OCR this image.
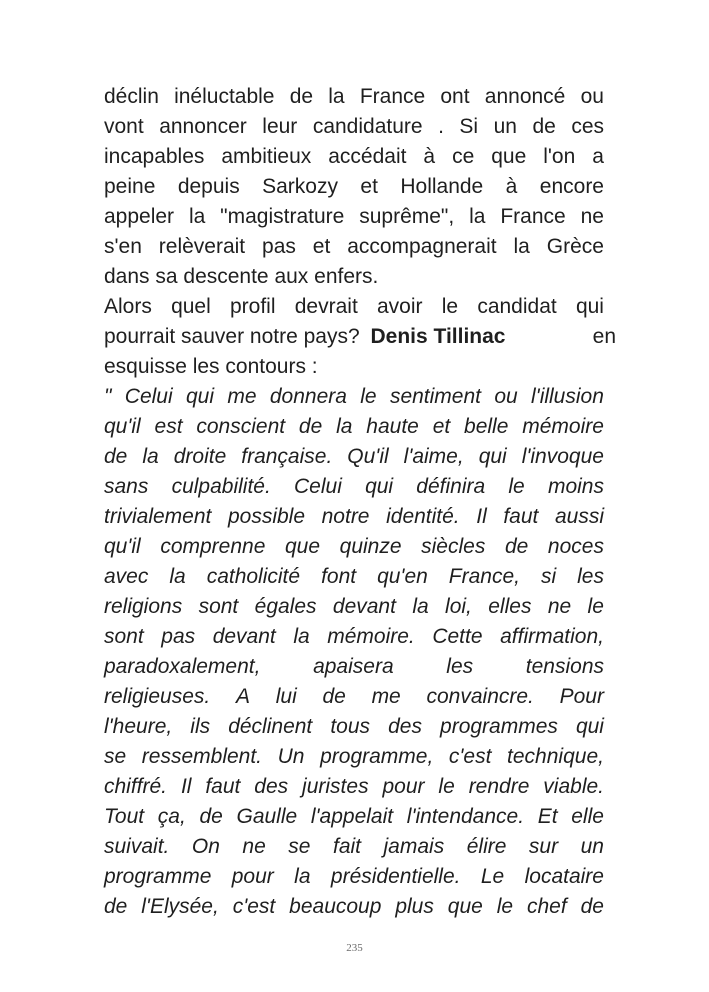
déclin inéluctable de la France ont annoncé ou
vont annoncer leur candidature . Si un de ces
incapables ambitieux accédait à ce que l'on a
peine depuis Sarkozy et Hollande à encore
appeler la "magistrature suprême", la France ne
s'en relèverait pas et accompagnerait la Grèce
dans sa descente aux enfers.
Alors quel profil devrait avoir le candidat qui
pourrait sauver notre pays? Denis Tillinac	en
esquisse les contours :
" Celui qui me donnera le sentiment ou l'illusion
qu'il est conscient de la haute et belle mémoire
de la droite française. Qu'il l'aime, qui l'invoque
sans culpabilité. Celui qui définira le moins
trivialement possible notre identité. Il faut aussi
qu'il comprenne que quinze siècles de noces
avec la catholicité font qu'en France, si les
religions sont égales devant la loi, elles ne le
sont pas devant la mémoire. Cette affirmation,
paradoxalement,	apaisera	les	tensions
religieuses. A lui de me convaincre. Pour
l'heure, ils déclinent tous des programmes qui
se ressemblent. Un programme, c'est technique,
chiffré. Il faut des juristes pour le rendre viable.
Tout ça, de Gaulle l'appelait l'intendance. Et elle
suivait. On ne se fait jamais élire sur un
programme pour la présidentielle. Le locataire
de l'Elysée, c'est beaucoup plus que le chef de
235
